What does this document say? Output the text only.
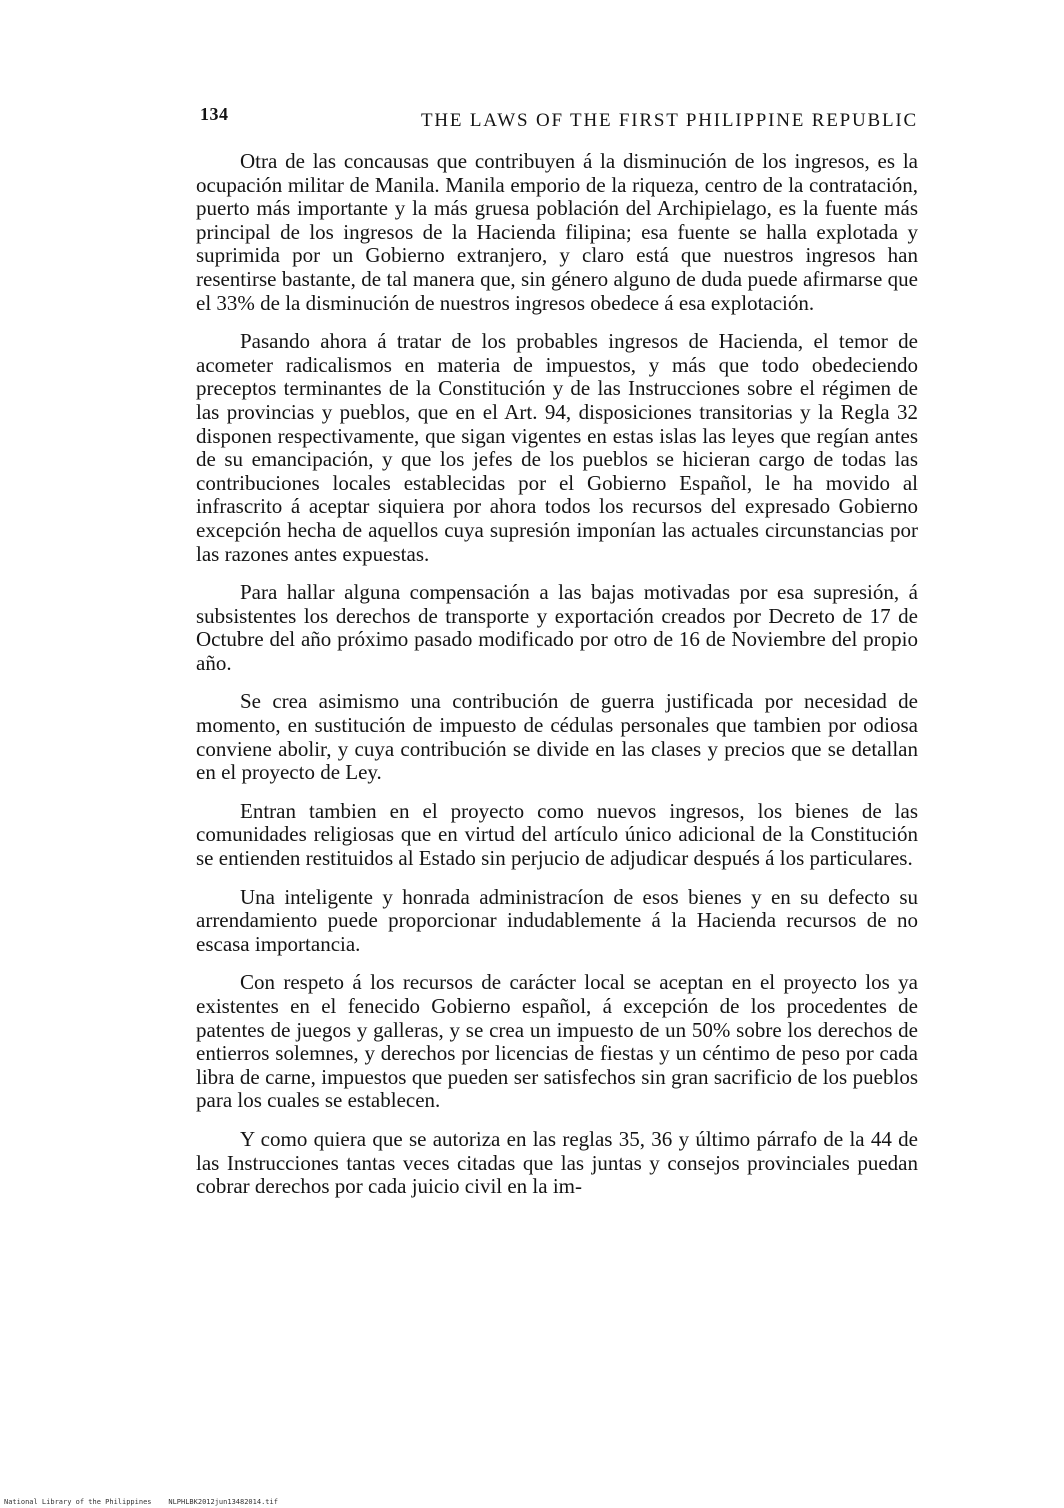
134	THE LAWS OF THE FIRST PHILIPPINE REPUBLIC

Otra de las concausas que contribuyen á la disminución de los ingresos, es la ocupación militar de Manila. Manila emporio de la riqueza, centro de la contratación, puerto más importante y la más gruesa población del Archipielago, es la fuente más principal de los ingresos de la Hacienda filipina; esa fuente se halla explotada y suprimida por un Gobierno extranjero, y claro está que nuestros ingresos han resentirse bastante, de tal manera que, sin género alguno de duda puede afirmarse que el 33% de la disminución de nuestros ingresos obedece á esa explotación.

Pasando ahora á tratar de los probables ingresos de Hacienda, el temor de acometer radicalismos en materia de impuestos, y más que todo obedeciendo preceptos terminantes de la Constitución y de las Instrucciones sobre el régimen de las provincias y pueblos, que en el Art. 94, disposiciones transitorias y la Regla 32 disponen respectivamente, que sigan vigentes en estas islas las leyes que regían antes de su emancipación, y que los jefes de los pueblos se hicieran cargo de todas las contribuciones locales establecidas por el Gobierno Español, le ha movido al infrascrito á aceptar siquiera por ahora todos los recursos del expresado Gobierno excepción hecha de aquellos cuya supresión imponían las actuales circunstancias por las razones antes expuestas.

Para hallar alguna compensación a las bajas motivadas por esa supresión, á subsistentes los derechos de transporte y exportación creados por Decreto de 17 de Octubre del año próximo pasado modificado por otro de 16 de Noviembre del propio año.

Se crea asimismo una contribución de guerra justificada por necesidad de momento, en sustitución de impuesto de cédulas personales que tambien por odiosa conviene abolir, y cuya contribución se divide en las clases y precios que se detallan en el proyecto de Ley.

Entran tambien en el proyecto como nuevos ingresos, los bienes de las comunidades religiosas que en virtud del artículo único adicional de la Constitución se entienden restituidos al Estado sin perjucio de adjudicar después á los particulares.

Una inteligente y honrada administracíon de esos bienes y en su defecto su arrendamiento puede proporcionar indudablemente á la Hacienda recursos de no escasa importancia.

Con respeto á los recursos de carácter local se aceptan en el proyecto los ya existentes en el fenecido Gobierno español, á excepción de los procedentes de patentes de juegos y galleras, y se crea un impuesto de un 50% sobre los derechos de entierros solemnes, y derechos por licencias de fiestas y un céntimo de peso por cada libra de carne, impuestos que pueden ser satisfechos sin gran sacrificio de los pueblos para los cuales se establecen.

Y como quiera que se autoriza en las reglas 35, 36 y último párrafo de la 44 de las Instrucciones tantas veces citadas que las juntas y consejos provinciales puedan cobrar derechos por cada juicio civil en la im-

National Library of the Philippines    NLPHLBK2012jun13482014.tif
